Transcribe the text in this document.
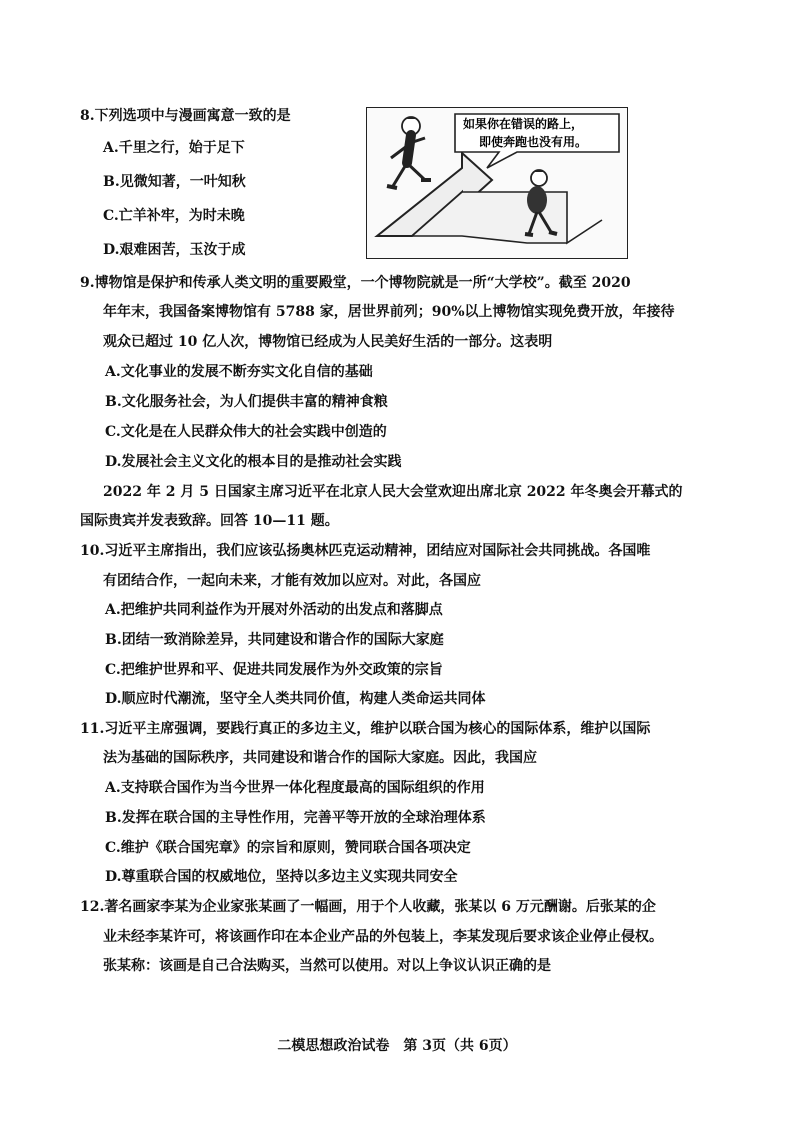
8.下列选项中与漫画寓意一致的是
A.千里之行，始于足下
B.见微知著，一叶知秋
C.亡羊补牢，为时未晚
D.艰难困苦，玉汝于成
如果你在错误的路上，
即使奔跑也没有用。
9.博物馆是保护和传承人类文明的重要殿堂，一个博物院就是一所“大学校”。截至 2020
年年末，我国备案博物馆有 5788 家，居世界前列；90%以上博物馆实现免费开放，年接待
观众已超过 10 亿人次，博物馆已经成为人民美好生活的一部分。这表明
A.文化事业的发展不断夯实文化自信的基础
B.文化服务社会，为人们提供丰富的精神食粮
C.文化是在人民群众伟大的社会实践中创造的
D.发展社会主义文化的根本目的是推动社会实践
2022 年 2 月 5 日国家主席习近平在北京人民大会堂欢迎出席北京 2022 年冬奥会开幕式的
国际贵宾并发表致辞。回答 10—11 题。
10.习近平主席指出，我们应该弘扬奥林匹克运动精神，团结应对国际社会共同挑战。各国唯
有团结合作，一起向未来，才能有效加以应对。对此，各国应
A.把维护共同利益作为开展对外活动的出发点和落脚点
B.团结一致消除差异，共同建设和谐合作的国际大家庭
C.把维护世界和平、促进共同发展作为外交政策的宗旨
D.顺应时代潮流，坚守全人类共同价值，构建人类命运共同体
11.习近平主席强调，要践行真正的多边主义，维护以联合国为核心的国际体系，维护以国际
法为基础的国际秩序，共同建设和谐合作的国际大家庭。因此，我国应
A.支持联合国作为当今世界一体化程度最高的国际组织的作用
B.发挥在联合国的主导性作用，完善平等开放的全球治理体系
C.维护《联合国宪章》的宗旨和原则，赞同联合国各项决定
D.尊重联合国的权威地位，坚持以多边主义实现共同安全
12.著名画家李某为企业家张某画了一幅画，用于个人收藏，张某以 6 万元酬谢。后张某的企
业未经李某许可，将该画作印在本企业产品的外包装上，李某发现后要求该企业停止侵权。
张某称：该画是自己合法购买，当然可以使用。对以上争议认识正确的是
二模思想政治试卷　第 3页（共 6页）
